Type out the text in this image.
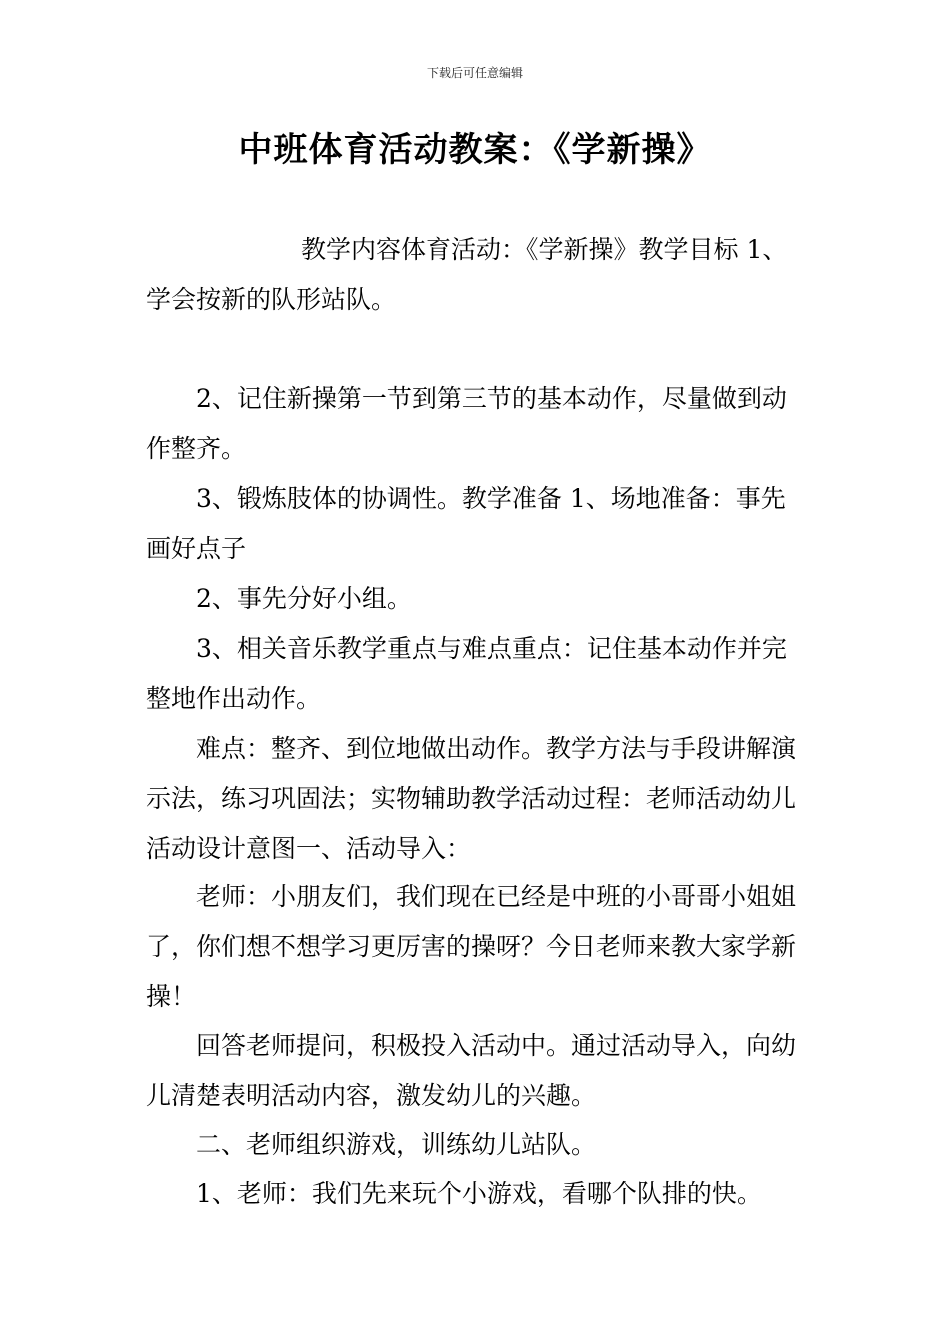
下载后可任意编辑
中班体育活动教案：《学新操》

教学内容体育活动：《学新操》教学目标 1、学会按新的队形站队。

2、记住新操第一节到第三节的基本动作，尽量做到动作整齐。

3、锻炼肢体的协调性。教学准备 1、场地准备：事先画好点子

2、事先分好小组。

3、相关音乐教学重点与难点重点：记住基本动作并完整地作出动作。

难点：整齐、到位地做出动作。教学方法与手段讲解演示法，练习巩固法；实物辅助教学活动过程：老师活动幼儿活动设计意图一、活动导入：

老师：小朋友们，我们现在已经是中班的小哥哥小姐姐了，你们想不想学习更厉害的操呀？今日老师来教大家学新操！

回答老师提问，积极投入活动中。通过活动导入，向幼儿清楚表明活动内容，激发幼儿的兴趣。

二、老师组织游戏，训练幼儿站队。

1、老师：我们先来玩个小游戏，看哪个队排的快。
